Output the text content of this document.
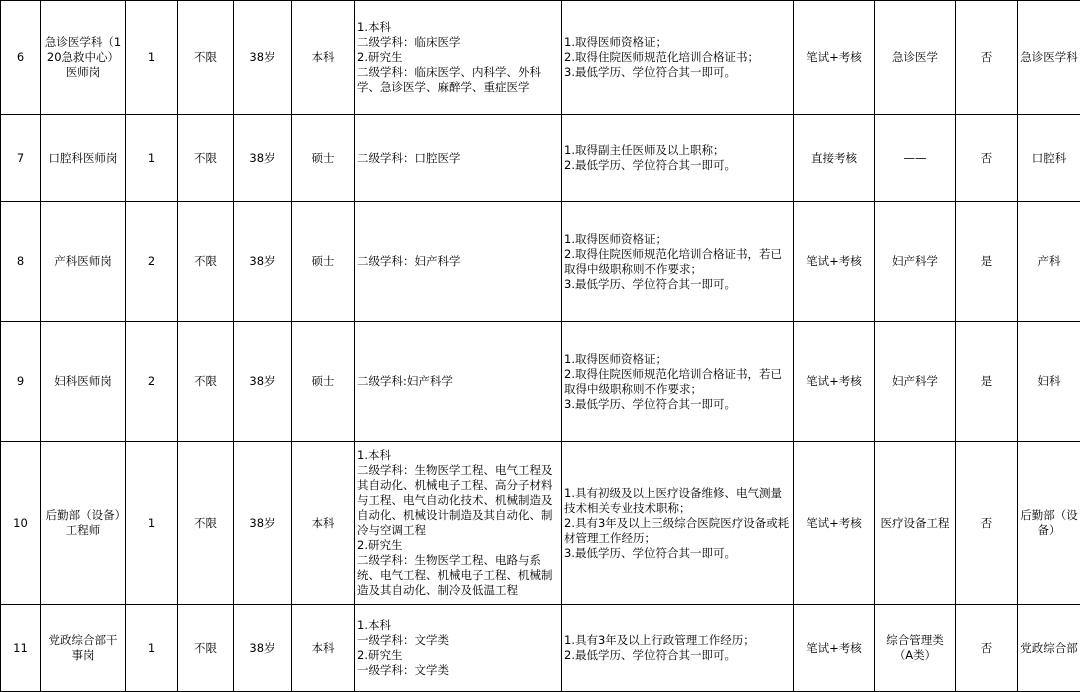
6	急诊医学科（120急救中心）医师岗	1	不限	38岁	本科	1.本科
二级学科：临床医学
2.研究生
二级学科：临床医学、内科学、外科学、急诊医学、麻醉学、重症医学	1.取得医师资格证；
2.取得住院医师规范化培训合格证书；
3.最低学历、学位符合其一即可。	笔试+考核	急诊医学	否	急诊医学科
7	口腔科医师岗	1	不限	38岁	硕士	二级学科：口腔医学	1.取得副主任医师及以上职称；
2.最低学历、学位符合其一即可。	直接考核	——	否	口腔科
8	产科医师岗	2	不限	38岁	硕士	二级学科：妇产科学	1.取得医师资格证；
2.取得住院医师规范化培训合格证书，若已取得中级职称则不作要求；
3.最低学历、学位符合其一即可。	笔试+考核	妇产科学	是	产科
9	妇科医师岗	2	不限	38岁	硕士	二级学科:妇产科学	1.取得医师资格证；
2.取得住院医师规范化培训合格证书，若已取得中级职称则不作要求；
3.最低学历、学位符合其一即可。	笔试+考核	妇产科学	是	妇科
10	后勤部（设备）工程师	1	不限	38岁	本科	1.本科
二级学科：生物医学工程、电气工程及其自动化、机械电子工程、高分子材料与工程、电气自动化技术、机械制造及自动化、机械设计制造及其自动化、制冷与空调工程
2.研究生
二级学科：生物医学工程、电路与系统、电气工程、机械电子工程、机械制造及其自动化、制冷及低温工程	1.具有初级及以上医疗设备维修、电气测量技术相关专业技术职称；
2.具有3年及以上三级综合医院医疗设备或耗材管理工作经历；
3.最低学历、学位符合其一即可。	笔试+考核	医疗设备工程	否	后勤部（设备）
11	党政综合部干事岗	1	不限	38岁	本科	1.本科
一级学科：文学类
2.研究生
一级学科：文学类	1.具有3年及以上行政管理工作经历；
2.最低学历、学位符合其一即可。	笔试+考核	综合管理类（A类）	否	党政综合部
